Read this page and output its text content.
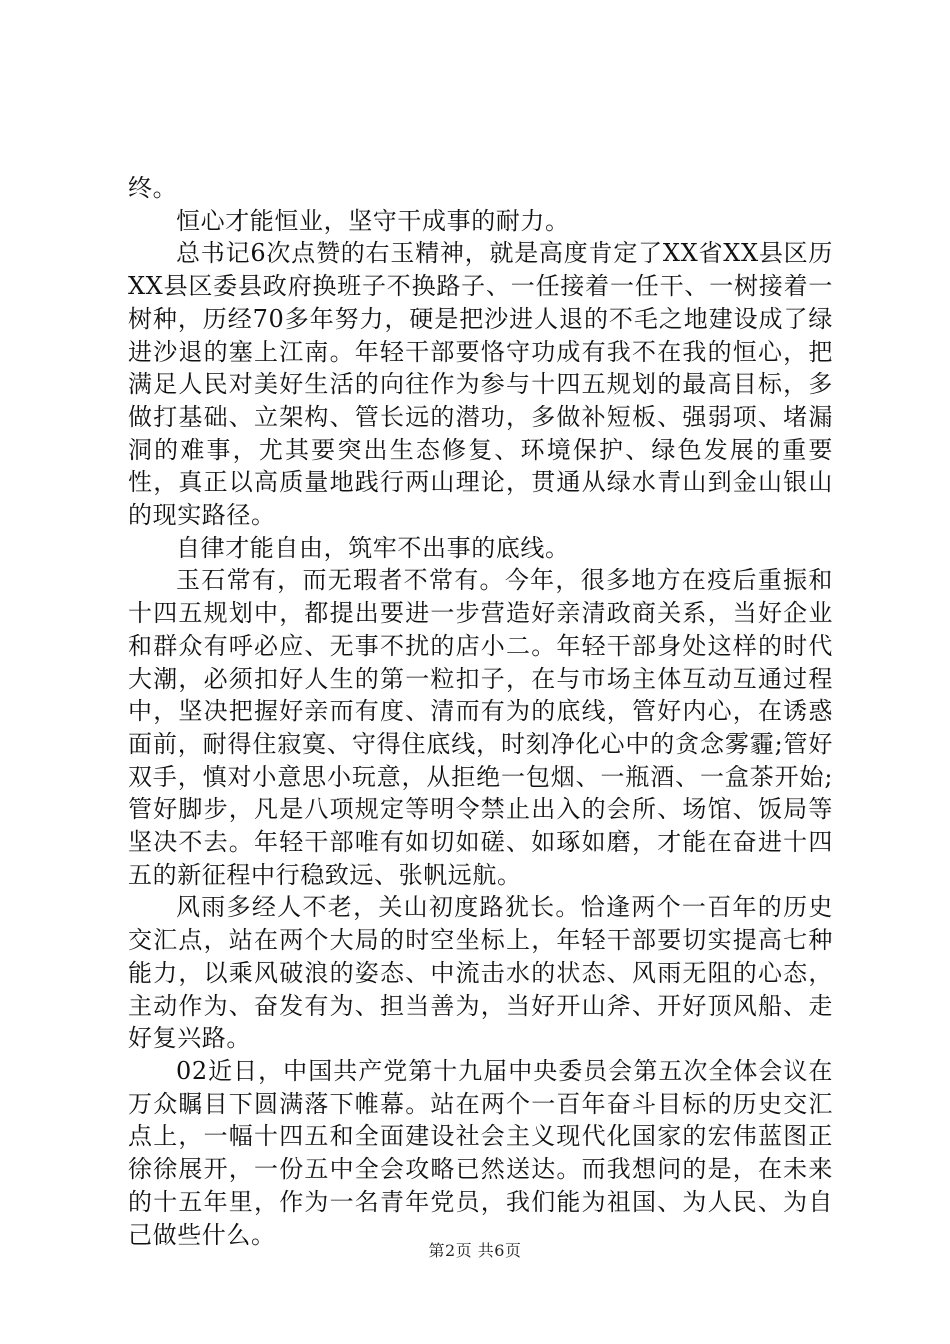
终。

恒心才能恒业，坚守干成事的耐力。

总书记6次点赞的右玉精神，就是高度肯定了XX省XX县区历XX县区委县政府换班子不换路子、一任接着一任干、一树接着一树种，历经70多年努力，硬是把沙进人退的不毛之地建设成了绿进沙退的塞上江南。年轻干部要恪守功成有我不在我的恒心，把满足人民对美好生活的向往作为参与十四五规划的最高目标，多做打基础、立架构、管长远的潜功，多做补短板、强弱项、堵漏洞的难事，尤其要突出生态修复、环境保护、绿色发展的重要性，真正以高质量地践行两山理论，贯通从绿水青山到金山银山的现实路径。

自律才能自由，筑牢不出事的底线。

玉石常有，而无瑕者不常有。今年，很多地方在疫后重振和十四五规划中，都提出要进一步营造好亲清政商关系，当好企业和群众有呼必应、无事不扰的店小二。年轻干部身处这样的时代大潮，必须扣好人生的第一粒扣子，在与市场主体互动互通过程中，坚决把握好亲而有度、清而有为的底线，管好内心，在诱惑面前，耐得住寂寞、守得住底线，时刻净化心中的贪念雾霾;管好双手，慎对小意思小玩意，从拒绝一包烟、一瓶酒、一盒茶开始;管好脚步，凡是八项规定等明令禁止出入的会所、场馆、饭局等坚决不去。年轻干部唯有如切如磋、如琢如磨，才能在奋进十四五的新征程中行稳致远、张帆远航。

风雨多经人不老，关山初度路犹长。恰逢两个一百年的历史交汇点，站在两个大局的时空坐标上，年轻干部要切实提高七种能力，以乘风破浪的姿态、中流击水的状态、风雨无阻的心态，主动作为、奋发有为、担当善为，当好开山斧、开好顶风船、走好复兴路。

02近日，中国共产党第十九届中央委员会第五次全体会议在万众瞩目下圆满落下帷幕。站在两个一百年奋斗目标的历史交汇点上，一幅十四五和全面建设社会主义现代化国家的宏伟蓝图正徐徐展开，一份五中全会攻略已然送达。而我想问的是，在未来的十五年里，作为一名青年党员，我们能为祖国、为人民、为自己做些什么。

第2页 共6页
